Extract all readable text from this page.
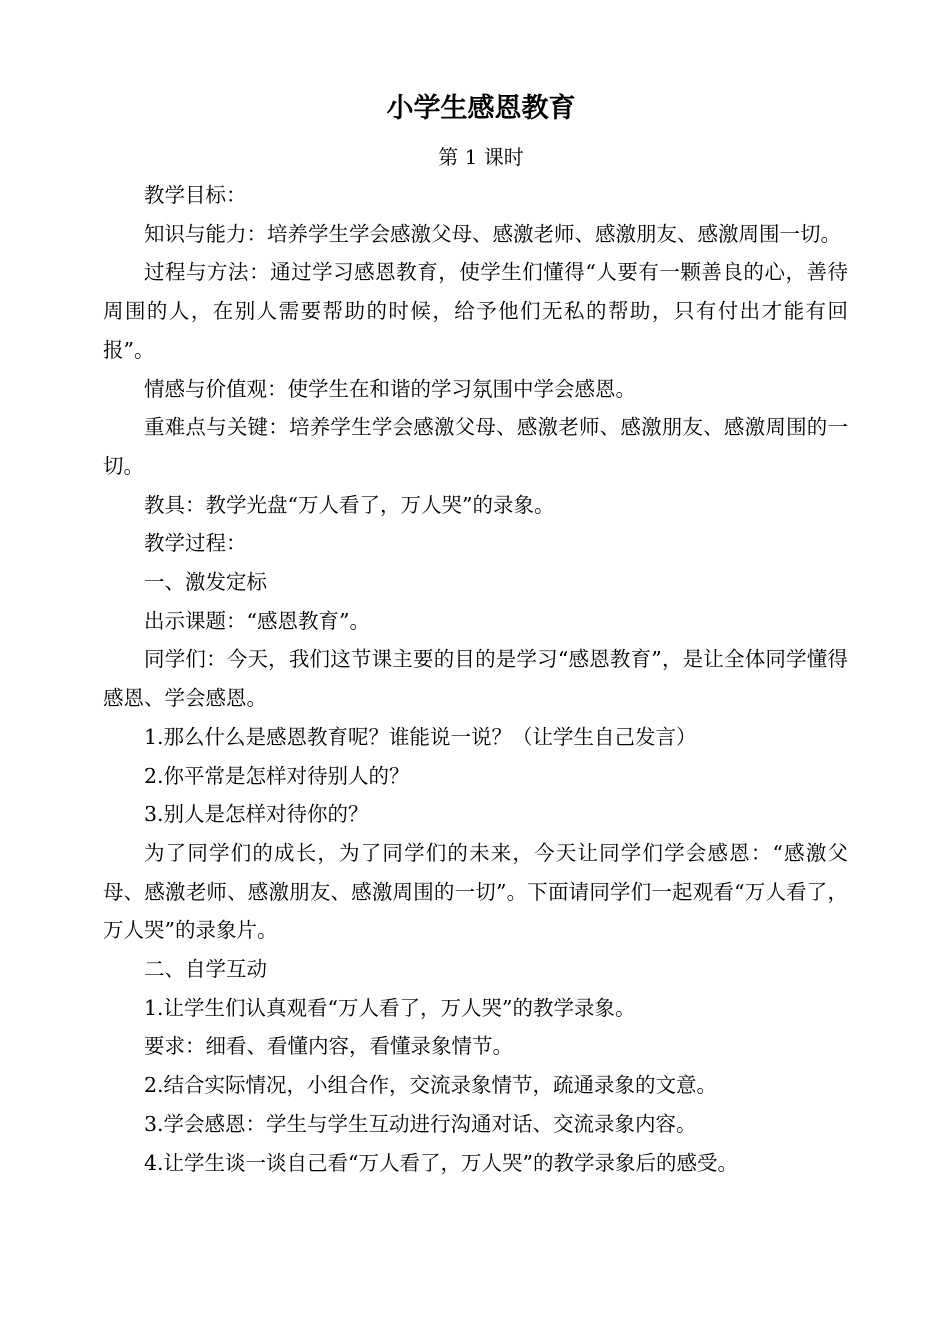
小学生感恩教育
第 1 课时

教学目标：

知识与能力：培养学生学会感激父母、感激老师、感激朋友、感激周围一切。

过程与方法：通过学习感恩教育，使学生们懂得“人要有一颗善良的心，善待周围的人，在别人需要帮助的时候，给予他们无私的帮助，只有付出才能有回报”。

情感与价值观：使学生在和谐的学习氛围中学会感恩。

重难点与关键：培养学生学会感激父母、感激老师、感激朋友、感激周围的一切。

教具：教学光盘“万人看了，万人哭”的录象。

教学过程：

一、激发定标

出示课题：“感恩教育”。

同学们：今天，我们这节课主要的目的是学习“感恩教育”，是让全体同学懂得感恩、学会感恩。

1.那么什么是感恩教育呢？谁能说一说？（让学生自己发言）

2.你平常是怎样对待别人的？

3.别人是怎样对待你的？

为了同学们的成长，为了同学们的未来，今天让同学们学会感恩：“感激父母、感激老师、感激朋友、感激周围的一切”。下面请同学们一起观看“万人看了，万人哭”的录象片。

二、自学互动

1.让学生们认真观看“万人看了，万人哭”的教学录象。

要求：细看、看懂内容，看懂录象情节。

2.结合实际情况，小组合作，交流录象情节，疏通录象的文意。

3.学会感恩：学生与学生互动进行沟通对话、交流录象内容。

4.让学生谈一谈自己看“万人看了，万人哭”的教学录象后的感受。
